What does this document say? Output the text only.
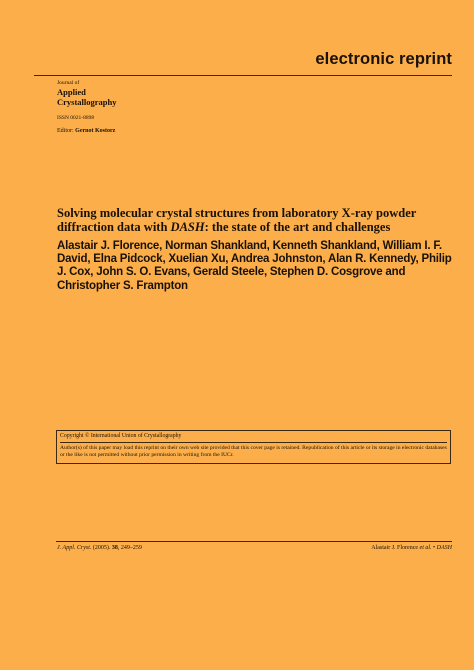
electronic reprint
Journal of
Applied
Crystallography
ISSN 0021-8898
Editor: Gernot Kostorz
Solving molecular crystal structures from laboratory X-ray powder diffraction data with DASH: the state of the art and challenges
Alastair J. Florence, Norman Shankland, Kenneth Shankland, William I. F. David, Elna Pidcock, Xuelian Xu, Andrea Johnston, Alan R. Kennedy, Philip J. Cox, John S. O. Evans, Gerald Steele, Stephen D. Cosgrove and Christopher S. Frampton
Copyright © International Union of Crystallography
Author(s) of this paper may load this reprint on their own web site provided that this cover page is retained. Republication of this article or its storage in electronic databases or the like is not permitted without prior permission in writing from the IUCr.
J. Appl. Cryst. (2005). 38, 249–259	Alastair J. Florence et al. • DASH
